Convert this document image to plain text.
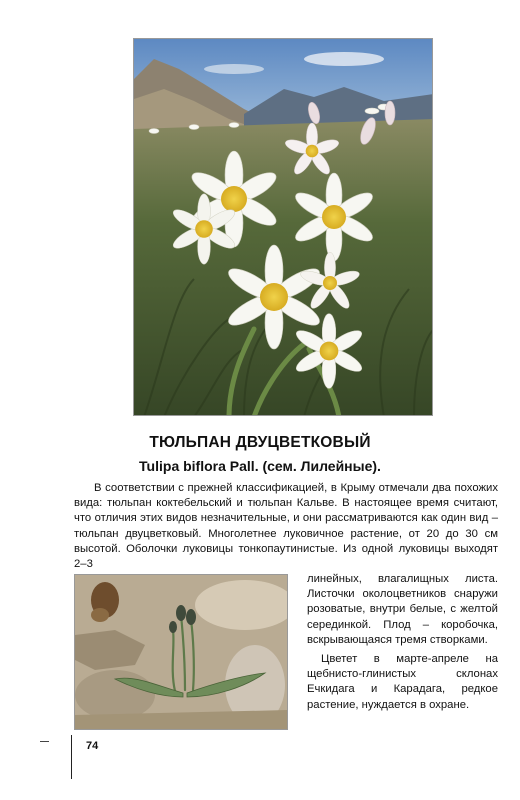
ТЮЛЬПАН ДВУЦВЕТКОВЫЙ
Tulipa biflora Pall. (сем. Лилейные).

В соответствии с прежней классификацией, в Крыму отмечали два похожих вида: тюльпан коктебельский и тюльпан Кальве. В настоящее время считают, что отличия этих видов незначительные, и они рассматриваются как один вид – тюльпан двуцветковый. Многолетнее луковичное растение, от 20 до 30 см высотой. Оболочки луковицы тонкопаутинистые. Из одной луковицы выходят 2–3

линейных, влагалищных листа. Листочки околоцветников снаружи розоватые, внутри белые, с желтой серединкой. Плод – коробочка, вскрывающаяся тремя створками.

Цветет в марте-апреле на щебнисто-глинистых склонах Ечкидага и Карадага, редкое растение, нуждается в охране.

74
